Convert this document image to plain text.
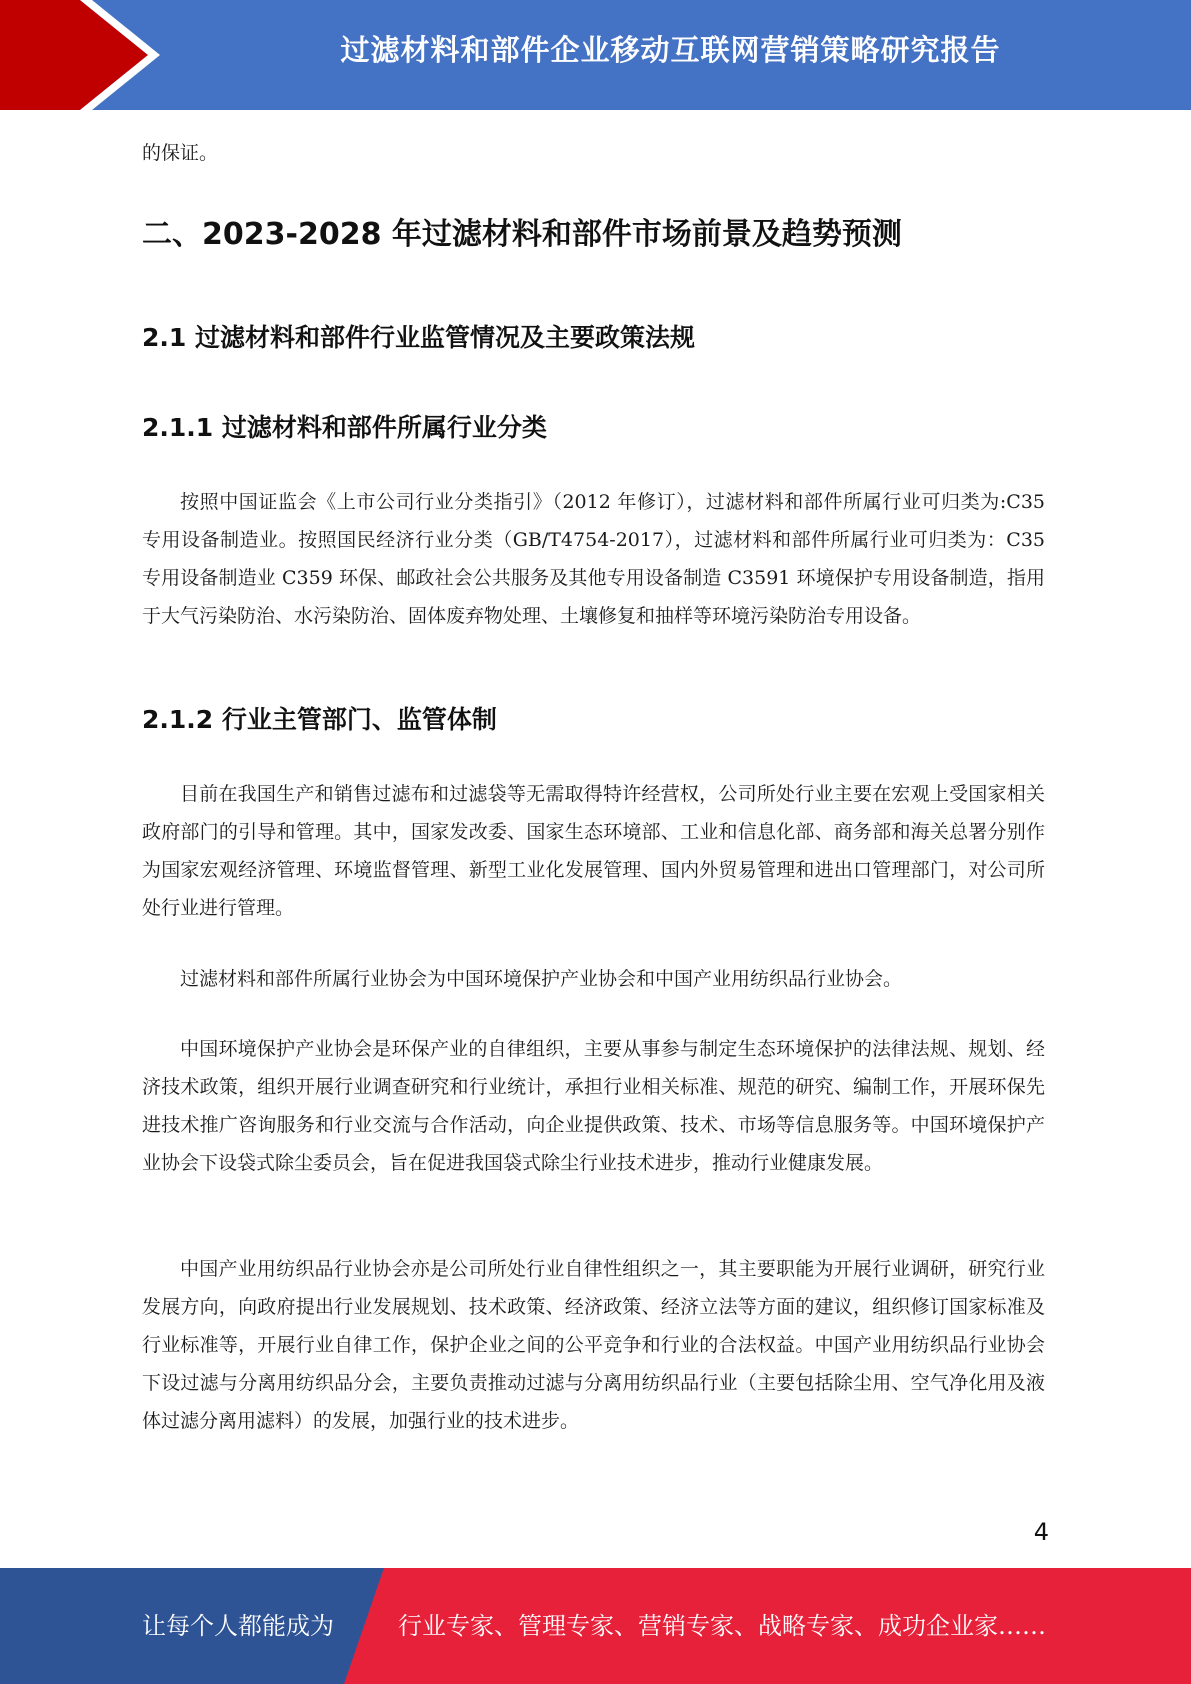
过滤材料和部件企业移动互联网营销策略研究报告

的保证。

二、2023-2028 年过滤材料和部件市场前景及趋势预测
2.1 过滤材料和部件行业监管情况及主要政策法规
2.1.1 过滤材料和部件所属行业分类

按照中国证监会《上市公司行业分类指引》（2012 年修订），过滤材料和部件所属行业可归类为:C35 专用设备制造业。按照国民经济行业分类（GB/T4754-2017），过滤材料和部件所属行业可归类为：C35 专用设备制造业 C359 环保、邮政社会公共服务及其他专用设备制造 C3591 环境保护专用设备制造，指用于大气污染防治、水污染防治、固体废弃物处理、土壤修复和抽样等环境污染防治专用设备。

2.1.2 行业主管部门、监管体制

目前在我国生产和销售过滤布和过滤袋等无需取得特许经营权，公司所处行业主要在宏观上受国家相关政府部门的引导和管理。其中，国家发改委、国家生态环境部、工业和信息化部、商务部和海关总署分别作为国家宏观经济管理、环境监督管理、新型工业化发展管理、国内外贸易管理和进出口管理部门，对公司所处行业进行管理。

过滤材料和部件所属行业协会为中国环境保护产业协会和中国产业用纺织品行业协会。

中国环境保护产业协会是环保产业的自律组织，主要从事参与制定生态环境保护的法律法规、规划、经济技术政策，组织开展行业调查研究和行业统计，承担行业相关标准、规范的研究、编制工作，开展环保先进技术推广咨询服务和行业交流与合作活动，向企业提供政策、技术、市场等信息服务等。中国环境保护产业协会下设袋式除尘委员会，旨在促进我国袋式除尘行业技术进步，推动行业健康发展。

中国产业用纺织品行业协会亦是公司所处行业自律性组织之一，其主要职能为开展行业调研，研究行业发展方向，向政府提出行业发展规划、技术政策、经济政策、经济立法等方面的建议，组织修订国家标准及行业标准等，开展行业自律工作，保护企业之间的公平竞争和行业的合法权益。中国产业用纺织品行业协会下设过滤与分离用纺织品分会，主要负责推动过滤与分离用纺织品行业（主要包括除尘用、空气净化用及液体过滤分离用滤料）的发展，加强行业的技术进步。

4
让每个人都能成为	行业专家、管理专家、营销专家、战略专家、成功企业家……
